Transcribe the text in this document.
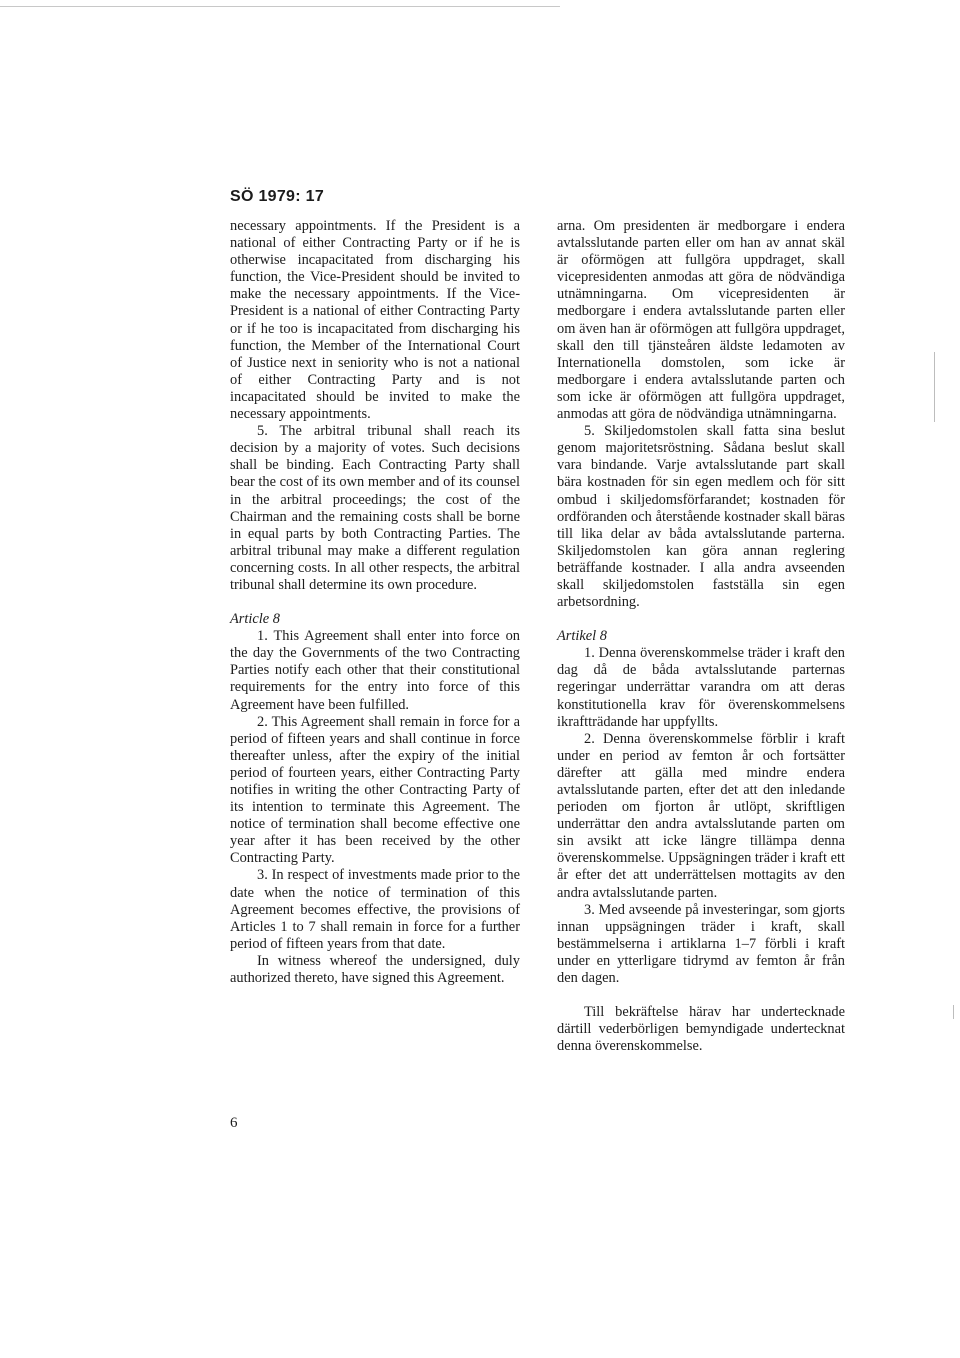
SÖ 1979: 17

necessary appointments. If the President is a national of either Contracting Party or if he is otherwise incapacitated from discharging his function, the Vice-President should be invited to make the necessary appointments. If the Vice-President is a national of either Contracting Party or if he too is incapacitated from discharging his function, the Member of the International Court of Justice next in seniority who is not a national of either Contracting Party and is not incapacitated should be invited to make the necessary appointments.

5. The arbitral tribunal shall reach its decision by a majority of votes. Such decisions shall be binding. Each Contracting Party shall bear the cost of its own member and of its counsel in the arbitral proceedings; the cost of the Chairman and the remaining costs shall be borne in equal parts by both Contracting Parties. The arbitral tribunal may make a different regulation concerning costs. In all other respects, the arbitral tribunal shall determine its own procedure.

Article 8

1. This Agreement shall enter into force on the day the Governments of the two Contracting Parties notify each other that their constitutional requirements for the entry into force of this Agreement have been fulfilled.

2. This Agreement shall remain in force for a period of fifteen years and shall continue in force thereafter unless, after the expiry of the initial period of fourteen years, either Contracting Party notifies in writing the other Contracting Party of its intention to terminate this Agreement. The notice of termination shall become effective one year after it has been received by the other Contracting Party.

3. In respect of investments made prior to the date when the notice of termination of this Agreement becomes effective, the provisions of Articles 1 to 7 shall remain in force for a further period of fifteen years from that date.

In witness whereof the undersigned, duly authorized thereto, have signed this Agreement.

arna. Om presidenten är medborgare i endera avtalsslutande parten eller om han av annat skäl är oförmögen att fullgöra uppdraget, skall vicepresidenten anmodas att göra de nödvändiga utnämningarna. Om vicepresidenten är medborgare i endera avtalsslutande parten eller om även han är oförmögen att fullgöra uppdraget, skall den till tjänsteåren äldste ledamoten av Internationella domstolen, som icke är medborgare i endera avtalsslutande parten och som icke är oförmögen att fullgöra uppdraget, anmodas att göra de nödvändiga utnämningarna.

5. Skiljedomstolen skall fatta sina beslut genom majoritetsröstning. Sådana beslut skall vara bindande. Varje avtalsslutande part skall bära kostnaden för sin egen medlem och för sitt ombud i skiljedomsförfarandet; kostnaden för ordföranden och återstående kostnader skall bäras till lika delar av båda avtalsslutande parterna. Skiljedomstolen kan göra annan reglering beträffande kostnader. I alla andra avseenden skall skiljedomstolen fastställa sin egen arbetsordning.

Artikel 8

1. Denna överenskommelse träder i kraft den dag då de båda avtalsslutande parternas regeringar underrättar varandra om att deras konstitutionella krav för överenskommelsens ikraftträdande har uppfyllts.

2. Denna överenskommelse förblir i kraft under en period av femton år och fortsätter därefter att gälla med mindre endera avtalsslutande parten, efter det att den inledande perioden om fjorton år utlöpt, skriftligen underrättar den andra avtalsslutande parten om sin avsikt att icke längre tillämpa denna överenskommelse. Uppsägningen träder i kraft ett år efter det att underrättelsen mottagits av den andra avtalsslutande parten.

3. Med avseende på investeringar, som gjorts innan uppsägningen träder i kraft, skall bestämmelserna i artiklarna 1–7 förbli i kraft under en ytterligare tidrymd av femton år från den dagen.

Till bekräftelse härav har undertecknade därtill vederbörligen bemyndigade undertecknat denna överenskommelse.

6
